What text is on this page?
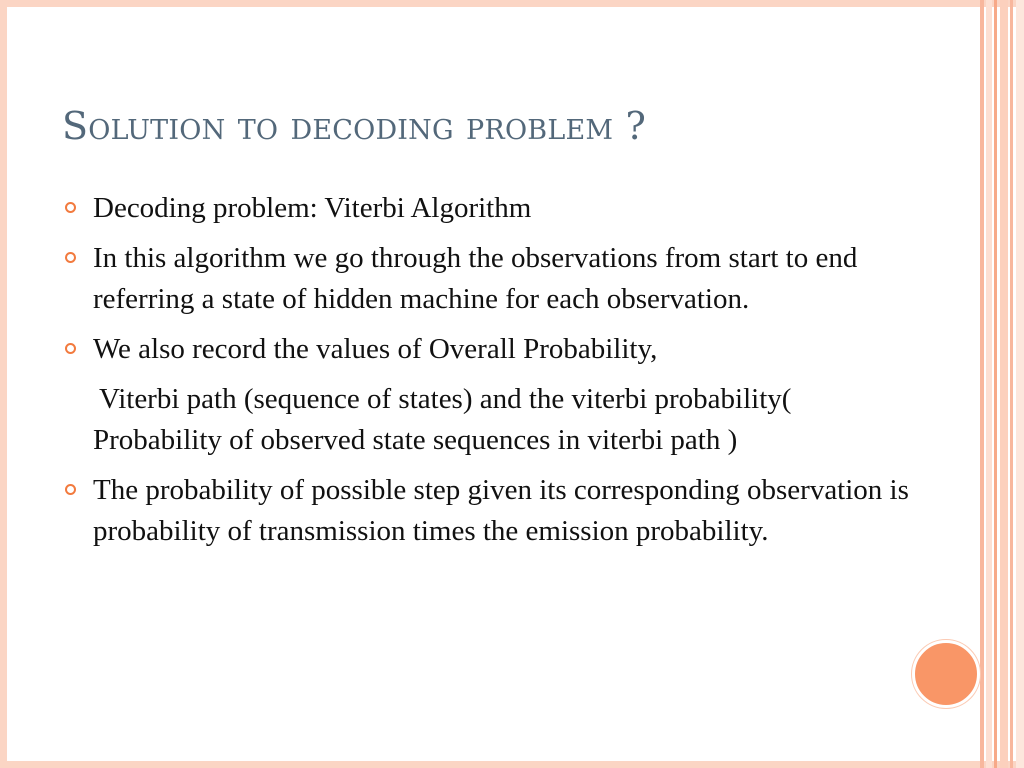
Solution to decoding problem ?
Decoding problem: Viterbi Algorithm
In this algorithm we go through the observations from start to end referring a state of hidden machine for each observation.
We also record the values of Overall Probability,
Viterbi path (sequence of states) and the viterbi probability( Probability of observed state sequences in viterbi path )
The probability of possible step given its corresponding observation is probability of transmission times the emission probability.
